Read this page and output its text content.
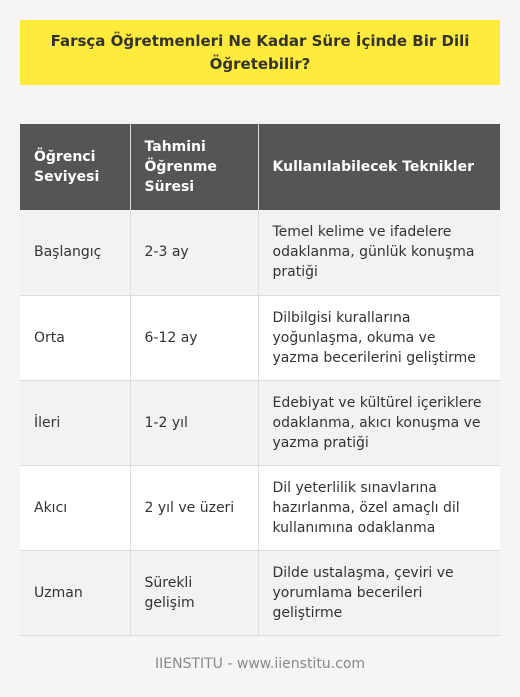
Farsça Öğretmenleri Ne Kadar Süre İçinde Bir Dili Öğretebilir?
Öğrenci Seviyesi	Tahmini Öğrenme Süresi	Kullanılabilecek Teknikler
Başlangıç	2-3 ay	Temel kelime ve ifadelere odaklanma, günlük konuşma pratiği
Orta	6-12 ay	Dilbilgisi kurallarına yoğunlaşma, okuma ve yazma becerilerini geliştirme
İleri	1-2 yıl	Edebiyat ve kültürel içeriklere odaklanma, akıcı konuşma ve yazma pratiği
Akıcı	2 yıl ve üzeri	Dil yeterlilik sınavlarına hazırlanma, özel amaçlı dil kullanımına odaklanma
Uzman	Sürekli gelişim	Dilde ustalaşma, çeviri ve yorumlama becerileri geliştirme
IIENSTITU - www.iienstitu.com
